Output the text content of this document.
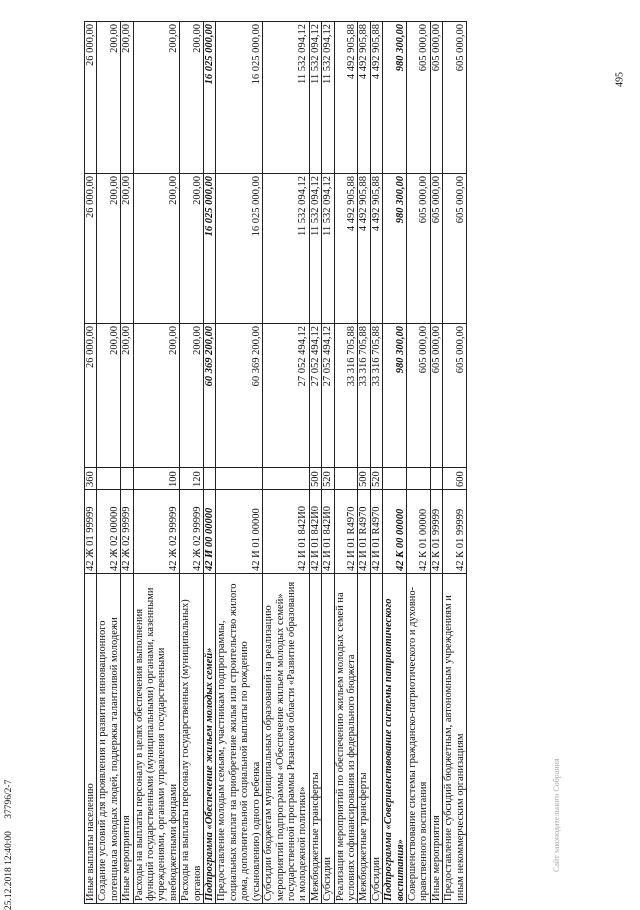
495
Иные выплаты населению	42 Ж 01 99999	360	26 000,00	26 000,00	26 000,00
Создание условий для проявления и развития инновационного потенциала молодых людей, поддержка талантливой молодежи	42 Ж 02 00000		200,00	200,00	200,00
Иные мероприятия	42 Ж 02 99999		200,00	200,00	200,00
Расходы на выплаты персоналу в целях обеспечения выполнения функций государственными (муниципальными) органами, казенными учреждениями, органами управления государственными внебюджетными фондами	42 Ж 02 99999	100	200,00	200,00	200,00
Расходы на выплаты персоналу государственных (муниципальных) органов	42 Ж 02 99999	120	200,00	200,00	200,00
Подпрограмма «Обеспечение жильем молодых семей»	42 И 00 00000		60 369 200,00	16 025 000,00	16 025 000,00
Предоставление молодым семьям, участникам подпрограммы, социальных выплат на приобретение жилья или строительство жилого дома, дополнительной социальной выплаты по рождению (усыновлению) одного ребенка	42 И 01 00000		60 369 200,00	16 025 000,00	16 025 000,00
Субсидии бюджетам муниципальных образований на реализацию мероприятий подпрограммы «Обеспечение жильем молодых семей» государственной программы Рязанской области «Развитие образования и молодежной политики»	42 И 01 842И0		27 052 494,12	11 532 094,12	11 532 094,12
Межбюджетные трансферты	42 И 01 842И0	500	27 052 494,12	11 532 094,12	11 532 094,12
Субсидии	42 И 01 842И0	520	27 052 494,12	11 532 094,12	11 532 094,12
Реализация мероприятий по обеспечению жильем молодых семей на условиях софинансирования из федерального бюджета	42 И 01 R4970		33 316 705,88	4 492 905,88	4 492 905,88
Межбюджетные трансферты	42 И 01 R4970	500	33 316 705,88	4 492 905,88	4 492 905,88
Субсидии	42 И 01 R4970	520	33 316 705,88	4 492 905,88	4 492 905,88
Подпрограмма «Совершенствование системы патриотического воспитания»	42 К 00 00000		980 300,00	980 300,00	980 300,00
Совершенствование системы гражданско-патриотического и духовно-нравственного воспитания	42 К 01 00000		605 000,00	605 000,00	605 000,00
Иные мероприятия	42 К 01 99999		605 000,00	605 000,00	605 000,00
Предоставление субсидий бюджетным, автономным учреждениям и иным некоммерческим организациям	42 К 01 99999	600	605 000,00	605 000,00	605 000,00
25.12.2018 12:40:00 37796/2-7	Сайт законодательного Собрания
